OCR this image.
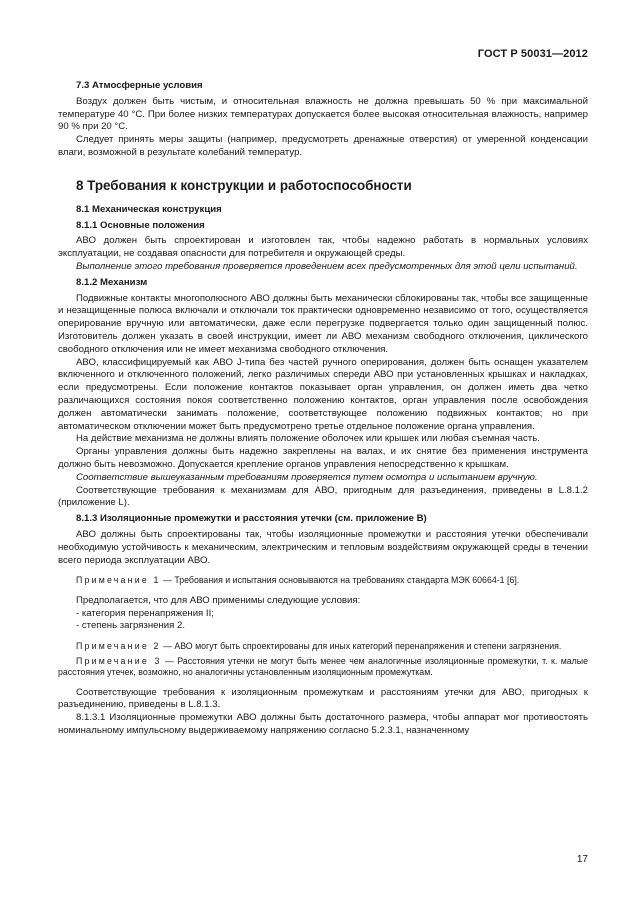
ГОСТ Р 50031—2012
7.3 Атмосферные условия

Воздух должен быть чистым, и относительная влажность не должна превышать 50 % при максимальной температуре 40 °С. При более низких температурах допускается более высокая относительная влажность, например 90 % при 20 °С.

Следует принять меры защиты (например, предусмотреть дренажные отверстия) от умеренной конденсации влаги, возможной в результате колебаний температур.

8 Требования к конструкции и работоспособности
8.1 Механическая конструкция
8.1.1 Основные положения

АВО должен быть спроектирован и изготовлен так, чтобы надежно работать в нормальных условиях эксплуатации, не создавая опасности для потребителя и окружающей среды.

Выполнение этого требования проверяется проведением всех предусмотренных для этой цели испытаний.

8.1.2 Механизм

Подвижные контакты многополюсного АВО должны быть механически сблокированы так, чтобы все защищенные и незащищенные полюса включали и отключали ток практически одновременно независимо от того, осуществляется оперирование вручную или автоматически, даже если перегрузке подвергается только один защищенный полюс. Изготовитель должен указать в своей инструкции, имеет ли АВО механизм свободного отключения, циклического свободного отключения или не имеет механизма свободного отключения.

АВО, классифицируемый как АВО J-типа без частей ручного оперирования, должен быть оснащен указателем включенного и отключенного положений, легко различимых спереди АВО при установленных крышках и накладках, если предусмотрены. Если положение контактов показывает орган управления, он должен иметь два четко различающихся состояния покоя соответственно положению контактов, орган управления после освобождения должен автоматически занимать положение, соответствующее положению подвижных контактов; но при автоматическом отключении может быть предусмотрено третье отдельное положение органа управления.

На действие механизма не должны влиять положение оболочек или крышек или любая съемная часть.

Органы управления должны быть надежно закреплены на валах, и их снятие без применения инструмента должно быть невозможно. Допускается крепление органов управления непосредственно к крышкам.

Соответствие вышеуказанным требованиям проверяется путем осмотра и испытанием вручную.

Соответствующие требования к механизмам для АВО, пригодным для разъединения, приведены в L.8.1.2 (приложение L).

8.1.3 Изоляционные промежутки и расстояния утечки (см. приложение В)

АВО должны быть спроектированы так, чтобы изоляционные промежутки и расстояния утечки обеспечивали необходимую устойчивость к механическим, электрическим и тепловым воздействиям окружающей среды в течении всего периода эксплуатации АВО.

Примечание 1 — Требования и испытания основываются на требованиях стандарта МЭК 60664-1 [6].

Предполагается, что для АВО применимы следующие условия:

- категория перенапряжения II;
- степень загрязнения 2.

Примечание 2 — АВО могут быть спроектированы для иных категорий перенапряжения и степени загрязнения.

Примечание 3 — Расстояния утечки не могут быть менее чем аналогичные изоляционные промежутки, т. к. малые расстояния утечек, возможно, но аналогичны установленным изоляционным промежуткам.

Соответствующие требования к изоляционным промежуткам и расстояниям утечки для АВО, пригодных к разъединению, приведены в L.8.1.3.

8.1.3.1 Изоляционные промежутки АВО должны быть достаточного размера, чтобы аппарат мог противостоять номинальному импульсному выдерживаемому напряжению согласно 5.2.3.1, назначенному

17
